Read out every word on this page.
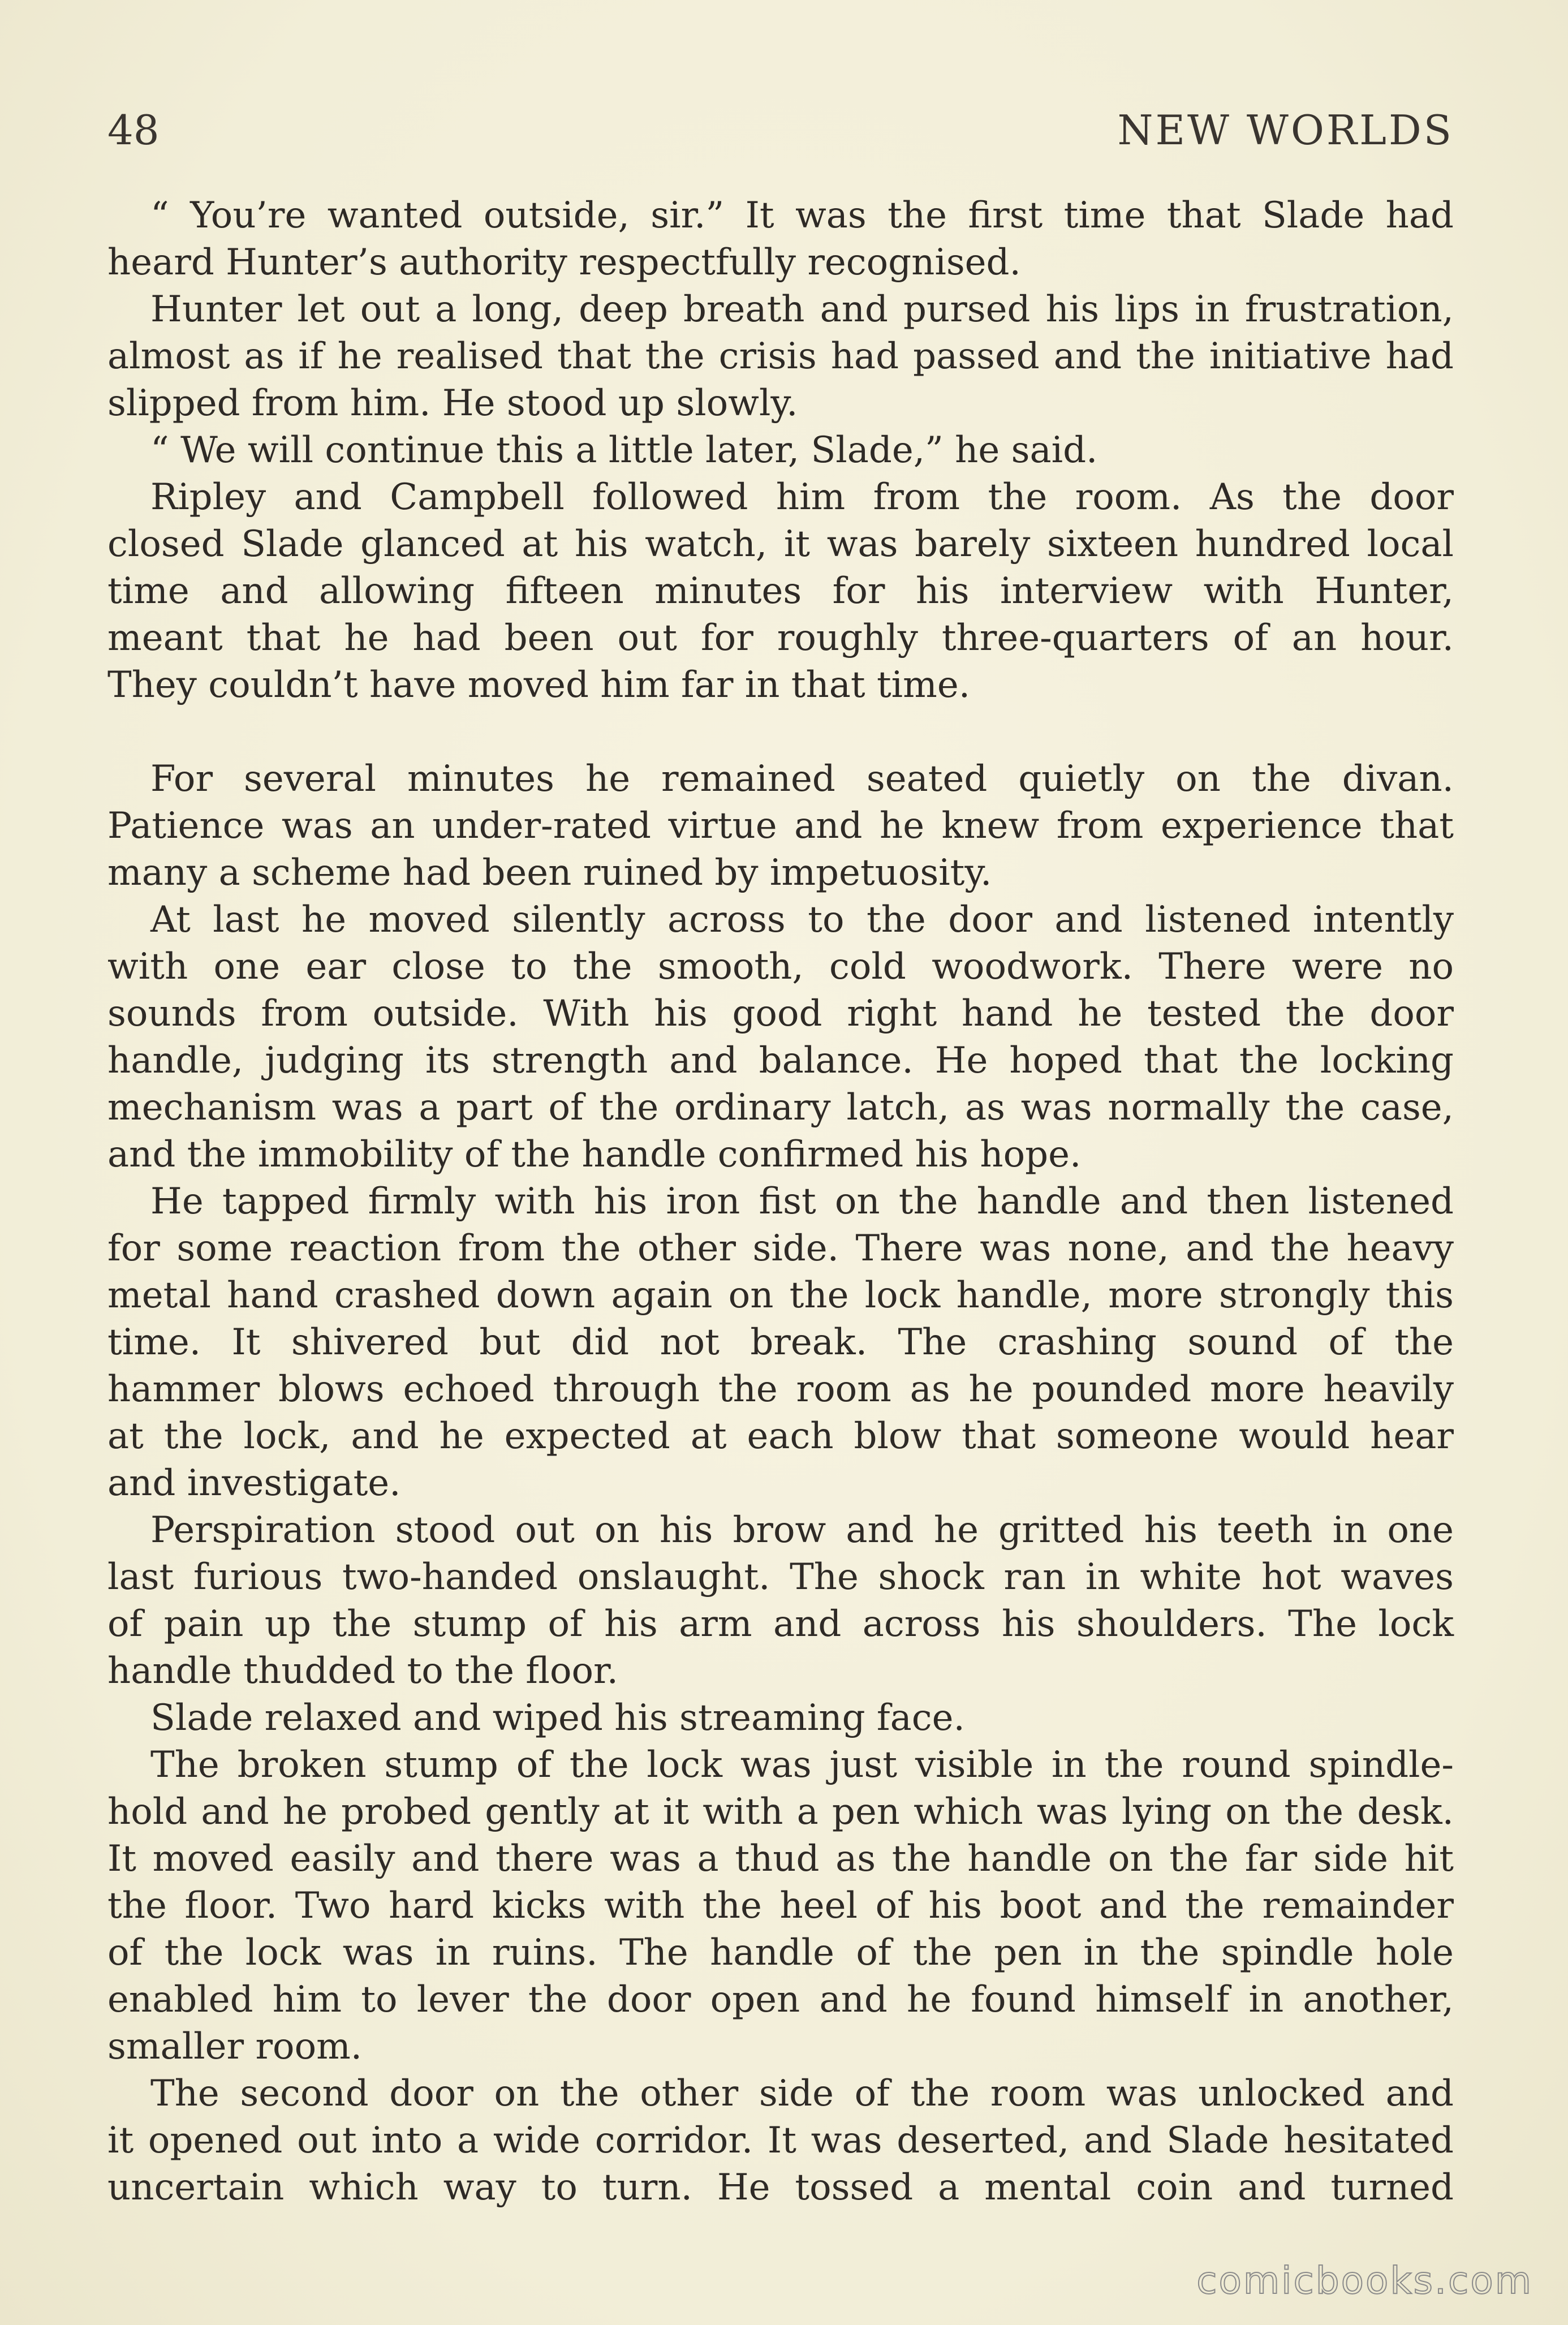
48	NEW WORLDS
“ You’re wanted outside, sir.” It was the first time that Slade had
heard Hunter’s authority respectfully recognised.
Hunter let out a long, deep breath and pursed his lips in frustration,
almost as if he realised that the crisis had passed and the initiative had
slipped from him. He stood up slowly.
“ We will continue this a little later, Slade,” he said.
Ripley and Campbell followed him from the room. As the door
closed Slade glanced at his watch, it was barely sixteen hundred local
time and allowing fifteen minutes for his interview with Hunter,
meant that he had been out for roughly three-quarters of an hour.
They couldn’t have moved him far in that time.
For several minutes he remained seated quietly on the divan.
Patience was an under-rated virtue and he knew from experience that
many a scheme had been ruined by impetuosity.
At last he moved silently across to the door and listened intently
with one ear close to the smooth, cold woodwork. There were no
sounds from outside. With his good right hand he tested the door
handle, judging its strength and balance. He hoped that the locking
mechanism was a part of the ordinary latch, as was normally the case,
and the immobility of the handle confirmed his hope.
He tapped firmly with his iron fist on the handle and then listened
for some reaction from the other side. There was none, and the heavy
metal hand crashed down again on the lock handle, more strongly this
time. It shivered but did not break. The crashing sound of the
hammer blows echoed through the room as he pounded more heavily
at the lock, and he expected at each blow that someone would hear
and investigate.
Perspiration stood out on his brow and he gritted his teeth in one
last furious two-handed onslaught. The shock ran in white hot waves
of pain up the stump of his arm and across his shoulders. The lock
handle thudded to the floor.
Slade relaxed and wiped his streaming face.
The broken stump of the lock was just visible in the round spindle-
hold and he probed gently at it with a pen which was lying on the desk.
It moved easily and there was a thud as the handle on the far side hit
the floor. Two hard kicks with the heel of his boot and the remainder
of the lock was in ruins. The handle of the pen in the spindle hole
enabled him to lever the door open and he found himself in another,
smaller room.
The second door on the other side of the room was unlocked and
it opened out into a wide corridor. It was deserted, and Slade hesitated
uncertain which way to turn. He tossed a mental coin and turned
comicbooks.com
